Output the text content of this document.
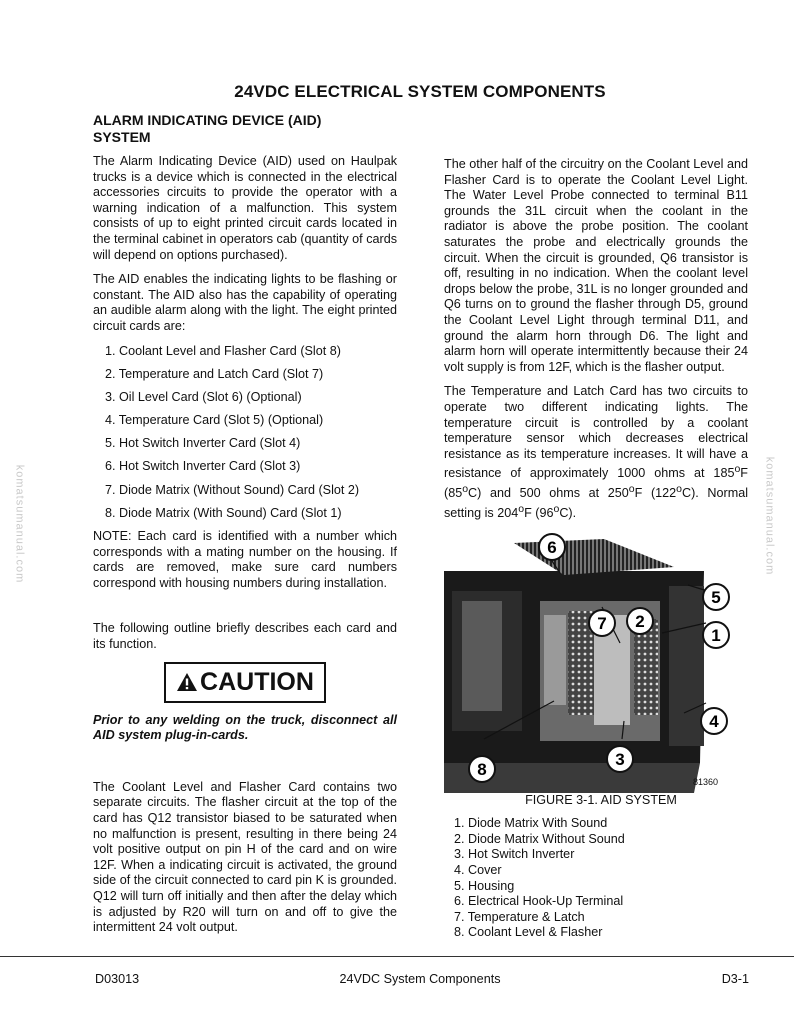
24VDC ELECTRICAL SYSTEM COMPONENTS
komatsumanual.com	komatsumanual.com
ALARM INDICATING DEVICE (AID)
SYSTEM

The Alarm Indicating Device (AID) used on Haulpak trucks is a device which is connected in the electrical accessories circuits to provide the operator with a warning indication of a malfunction. This system consists of up to eight printed circuit cards located in the terminal cabinet in operators cab (quantity of cards will depend on options purchased).

The AID enables the indicating lights to be flashing or constant. The AID also has the capability of operating an audible alarm along with the light. The eight printed circuit cards are:

1. Coolant Level and Flasher Card (Slot 8)
2. Temperature and Latch Card (Slot 7)
3. Oil Level Card (Slot 6) (Optional)
4. Temperature Card (Slot 5) (Optional)
5. Hot Switch Inverter Card (Slot 4)
6. Hot Switch Inverter Card (Slot 3)
7. Diode Matrix (Without Sound) Card (Slot 2)
8. Diode Matrix (With Sound) Card (Slot 1)

NOTE: Each card is identified with a number which corresponds with a mating number on the housing. If cards are removed, make sure card numbers correspond with housing numbers during installation.

The following outline briefly describes each card and its function.

CAUTION

Prior to any welding on the truck, disconnect all AID system plug-in-cards.

The Coolant Level and Flasher Card contains two separate circuits. The flasher circuit at the top of the card has Q12 transistor biased to be saturated when no malfunction is present, resulting in there being 24 volt positive output on pin H of the card and on wire 12F. When a indicating circuit is activated, the ground side of the circuit connected to card pin K is grounded. Q12 will turn off initially and then after the delay which is adjusted by R20 will turn on and off to give the intermittent 24 volt output.

The other half of the circuitry on the Coolant Level and Flasher Card is to operate the Coolant Level Light. The Water Level Probe connected to terminal B11 grounds the 31L circuit when the coolant in the radiator is above the probe position. The coolant saturates the probe and electrically grounds the circuit. When the circuit is grounded, Q6 transistor is off, resulting in no indication. When the coolant level drops below the probe, 31L is no longer grounded and Q6 turns on to ground the flasher through D5, ground the Coolant Level Light through terminal D11, and ground the alarm horn through D6. The light and alarm horn will operate intermittently because their 24 volt supply is from 12F, which is the flasher output.

The Temperature and Latch Card has two circuits to operate two different indicating lights. The temperature circuit is controlled by a coolant temperature sensor which decreases electrical resistance as its temperature increases. It will have a resistance of approximately 1000 ohms at 185$^o$F (85$^o$C) and 500 ohms at 250$^o$F (122$^o$C). Normal setting is 204$^o$F (96$^o$C).

6
5
7 2
1
4
8
3
81360
FIGURE 3-1. AID SYSTEM
1. Diode Matrix With Sound
2. Diode Matrix Without Sound
3. Hot Switch Inverter
4. Cover
5. Housing
6. Electrical Hook-Up Terminal
7. Temperature & Latch
8. Coolant Level & Flasher
D03013	24VDC System Components	D3-1
